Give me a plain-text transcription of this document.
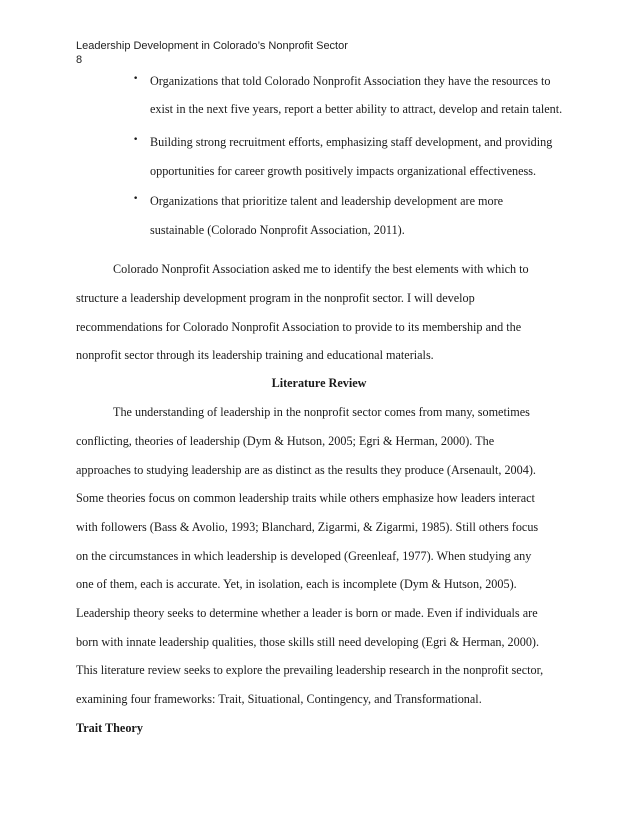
Leadership Development in Colorado’s Nonprofit Sector
8
• Organizations that told Colorado Nonprofit Association they have the resources to
exist in the next five years, report a better ability to attract, develop and retain talent.
• Building strong recruitment efforts, emphasizing staff development, and providing
opportunities for career growth positively impacts organizational effectiveness.
• Organizations that prioritize talent and leadership development are more
sustainable (Colorado Nonprofit Association, 2011).
Colorado Nonprofit Association asked me to identify the best elements with which to
structure a leadership development program in the nonprofit sector. I will develop
recommendations for Colorado Nonprofit Association to provide to its membership and the
nonprofit sector through its leadership training and educational materials.
Literature Review
The understanding of leadership in the nonprofit sector comes from many, sometimes
conflicting, theories of leadership (Dym & Hutson, 2005; Egri & Herman, 2000). The
approaches to studying leadership are as distinct as the results they produce (Arsenault, 2004).
Some theories focus on common leadership traits while others emphasize how leaders interact
with followers (Bass & Avolio, 1993; Blanchard, Zigarmi, & Zigarmi, 1985). Still others focus
on the circumstances in which leadership is developed (Greenleaf, 1977). When studying any
one of them, each is accurate. Yet, in isolation, each is incomplete (Dym & Hutson, 2005).
Leadership theory seeks to determine whether a leader is born or made. Even if individuals are
born with innate leadership qualities, those skills still need developing (Egri & Herman, 2000).
This literature review seeks to explore the prevailing leadership research in the nonprofit sector,
examining four frameworks: Trait, Situational, Contingency, and Transformational.
Trait Theory
